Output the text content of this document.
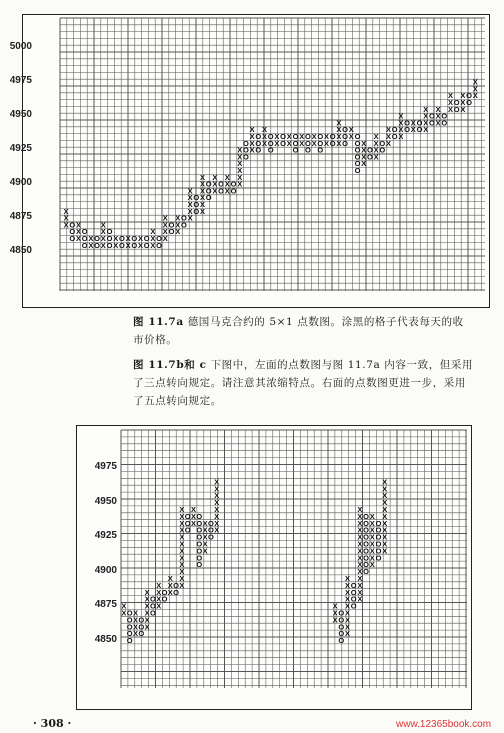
X
X
X
O
O
O
X
X
X
O
O
O
X
X
O
O
X
X
X
X
O
O
O
X
X
O
O
X
X
O
O
X
X
O
O
X
X
X
O
O X
X
X
X
O
O
X
X
X
O
O X
X
X
X
X
O
O
O
X
X
X
X
X
X
O
O
O
X
X
X
O
O
X
X
X
O
O X
X
X
X
X
X
O
O
O
X
X
X
X
O
O
O
X
X
X
O
O
O
X
X
O
O
X
X
O
O
O
X
X
O
O
O
X
X
O
O
O
X
X
O
O
X
X
X
X
O
O
O
X
X
O
O
O
O
O
O
X
X
X
X
O
O
X
X
X
X
O
O X
X
X
O
O
X
X
X
X
O
O
X
X
O
O
X
X
X
X
O
O
X
X
X
O
O
X
X
X
O
O
X
X
X
O
O X
X
X
5000
4975
4950
4925
4900
4875
4850
图 11.7a 德国马克合约的 5×1 点数图。涂黑的格子代表每天的收
市价格。
图 11.7b和 c 下图中，左面的点数图与图 11.7a 内容一致，但采用
了三点转向规定。请注意其浓缩特点。右面的点数图更进一步，采用
了五点转向规定。
X
X
O
O
O
O
O
X
X
X
X
O
O
O
X
X
X
X
X
X
O
O
O
X
X
X
X
O
O X
X
X
O
O X
X
X
X
X
X
X
X
X
X
X
X
O
O
O
X
X
X
O
O
O
O
O
O
O
O
X
X
X
X
X
O
O
O
X
X
X
X
X
X
X
X
X
X
X
O
O
O
O
O
X
X
X
X
X
X
X
X
X
O
O
O
O
X
X
X
X
X
X
X
X
X
X
X
X
X
X
O
O
O
O
O
O
O
O
O
X
X
X
X
X
X
X
X
O
O
O
O
O
O
X
X
X
X
X
X
X
X
X
X
X
4975
4950
4925
4900
4875
4850
· 308 ·	www.12365book.com
